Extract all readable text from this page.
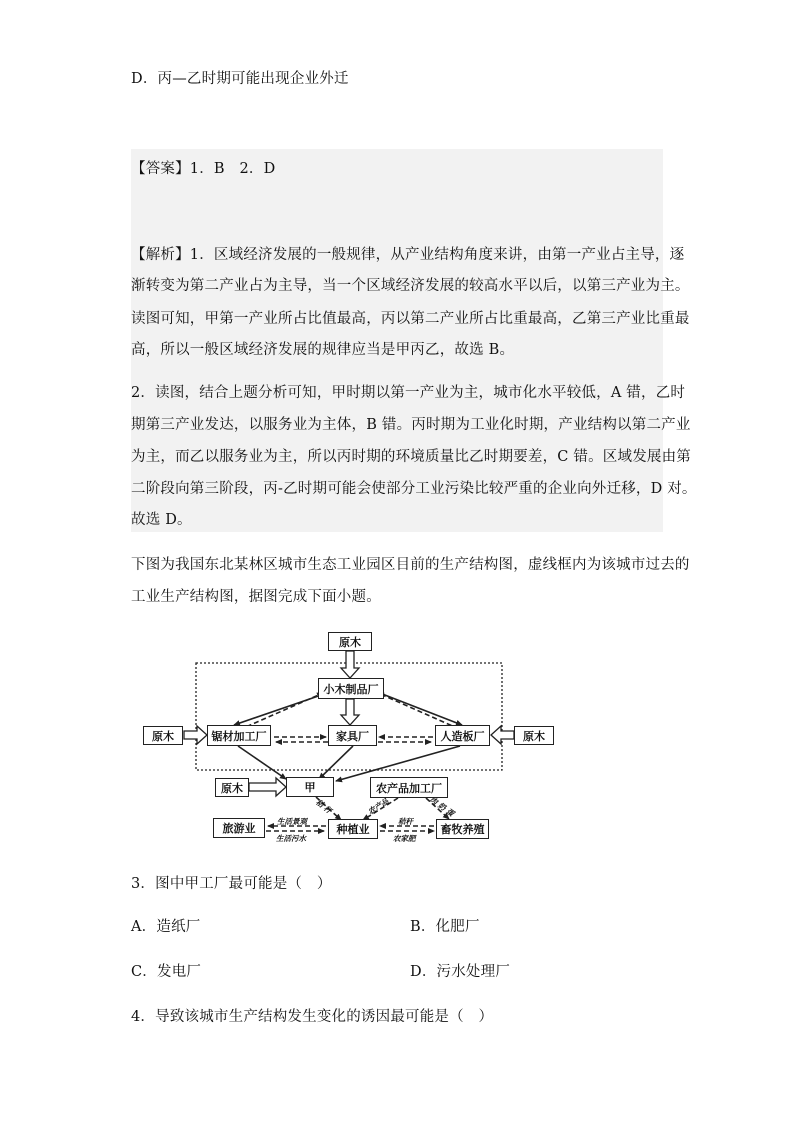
D．丙—乙时期可能出现企业外迁
【答案】1．B　2．D
【解析】1．区域经济发展的一般规律，从产业结构角度来讲，由第一产业占主导，逐
渐转变为第二产业占为主导，当一个区域经济发展的较高水平以后，以第三产业为主。
读图可知，甲第一产业所占比值最高，丙以第二产业所占比重最高，乙第三产业比重最
高，所以一般区域经济发展的规律应当是甲丙乙，故选 B。
2．读图，结合上题分析可知，甲时期以第一产业为主，城市化水平较低，A 错，乙时
期第三产业发达，以服务业为主体，B 错。丙时期为工业化时期，产业结构以第二产业
为主，而乙以服务业为主，所以丙时期的环境质量比乙时期要差，C 错。区域发展由第
二阶段向第三阶段，丙-乙时期可能会使部分工业污染比较严重的企业向外迁移，D 对。
故选 D。
下图为我国东北某林区城市生态工业园区目前的生产结构图，虚线框内为该城市过去的
工业生产结构图，据图完成下面小题。
原木
小木制品厂
原木	锯材加工厂	家具厂	人造板厂	原木
原木	甲	农产品加工厂
旅游业	种植业	畜牧养殖
秸 秆	农产品	肉 奶 蛋
生活景观
生活污水
秸秆
农家肥
3．图中甲工厂最可能是（　）
A．造纸厂	B．化肥厂
C．发电厂	D．污水处理厂
4．导致该城市生产结构发生变化的诱因最可能是（　）
